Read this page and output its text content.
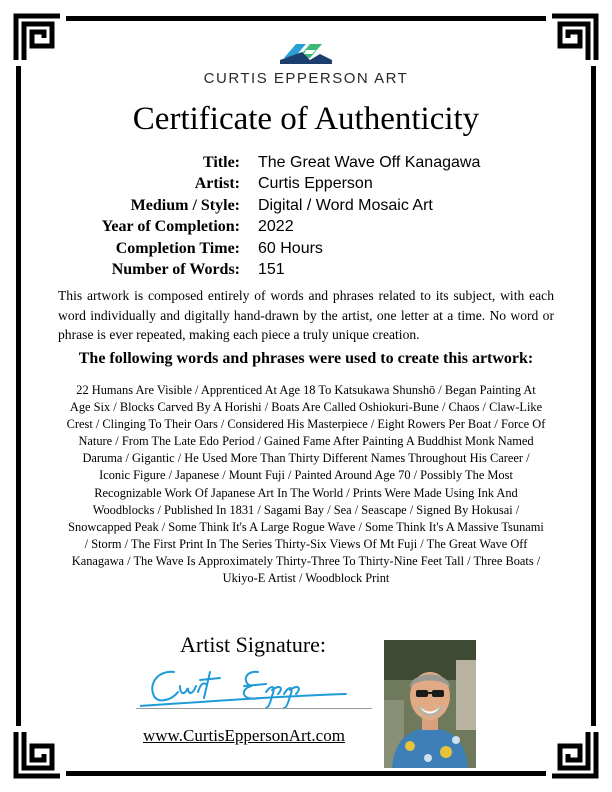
CURTIS EPPERSON ART
Certificate of Authenticity
Title: The Great Wave Off Kanagawa
Artist: Curtis Epperson
Medium / Style: Digital / Word Mosaic Art
Year of Completion: 2022
Completion Time: 60 Hours
Number of Words: 151
This artwork is composed entirely of words and phrases related to its subject, with each word individually and digitally hand-drawn by the artist, one letter at a time. No word or phrase is ever repeated, making each piece a truly unique creation.
The following words and phrases were used to create this artwork:
22 Humans Are Visible / Apprenticed At Age 18 To Katsukawa Shunshō / Began Painting At Age Six / Blocks Carved By A Horishi / Boats Are Called Oshiokuri-Bune / Chaos / Claw-Like Crest / Clinging To Their Oars / Considered His Masterpiece / Eight Rowers Per Boat / Force Of Nature / From The Late Edo Period / Gained Fame After Painting A Buddhist Monk Named Daruma / Gigantic / He Used More Than Thirty Different Names Throughout His Career / Iconic Figure / Japanese / Mount Fuji / Painted Around Age 70 / Possibly The Most Recognizable Work Of Japanese Art In The World / Prints Were Made Using Ink And Woodblocks / Published In 1831 / Sagami Bay / Sea / Seascape / Signed By Hokusai / Snowcapped Peak / Some Think It's A Large Rogue Wave / Some Think It's A Massive Tsunami / Storm / The First Print In The Series Thirty-Six Views Of Mt Fuji / The Great Wave Off Kanagawa / The Wave Is Approximately Thirty-Three To Thirty-Nine Feet Tall / Three Boats / Ukiyo-E Artist / Woodblock Print
Artist Signature:
www.CurtisEppersonArt.com
